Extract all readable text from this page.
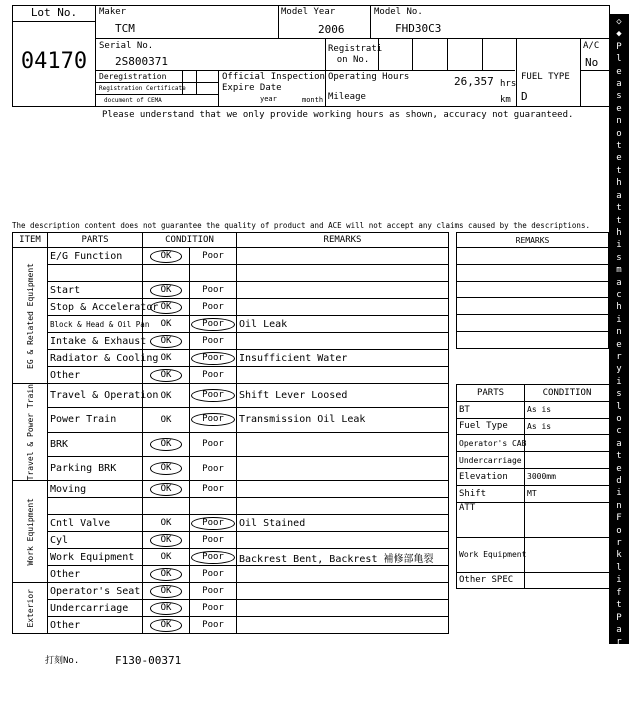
Lot No.
04170
Maker
TCM
Model Year
2006
Model No.
FHD30C3
Serial No.
2S800371
Registrati
on No.
A/C
No
Deregistration
Registration Certificate
document of CEMA
Official Inspection
Expire Date
year	month
Operating Hours	26,357 hrs
Mileage	km
FUEL TYPE
D
Please understand that we only provide working hours as shown, accuracy not guaranteed.
The description content does not guarantee the quality of product and ACE will not accept any claims caused by the descriptions.
ITEM	PARTS	CONDITION		REMARKS

EG & Related Equipment	E/G Function	OK	Poor	

	Start	OK	Poor	
	Stop & Accelerator	OK	Poor	
	Block & Head & Oil Pan	OK	Poor	Oil Leak
	Intake & Exhaust	OK	Poor	
	Radiator & Cooling	OK	Poor	Insufficient Water
	Other	OK	Poor	

Travel & Power Train	Travel & Operation	OK	Poor	Shift Lever Loosed
	Power Train	OK	Poor	Transmission Oil Leak
	BRK	OK	Poor	
	Parking BRK	OK	Poor	

Work Equipment	Moving	OK	Poor	

	Cntl Valve	OK	Poor	Oil Stained
	Cyl	OK	Poor	
	Work Equipment	OK	Poor	Backrest Bent, Backrest 補修部亀裂
	Other	OK	Poor	

Exterior	Operator's Seat	OK	Poor	
	Undercarriage	OK	Poor	
	Other	OK	Poor	
REMARKS

PARTS	CONDITION
BT	As is
Fuel Type	As is
Operator's CAB	
Undercarriage	
Elevation	3000mm
Shift	MT
ATT	
Work Equipment	
Other SPEC	
打刻No.	F130-00371
◇◆Please note that this machinery is located in Forklift Parking◆◇
